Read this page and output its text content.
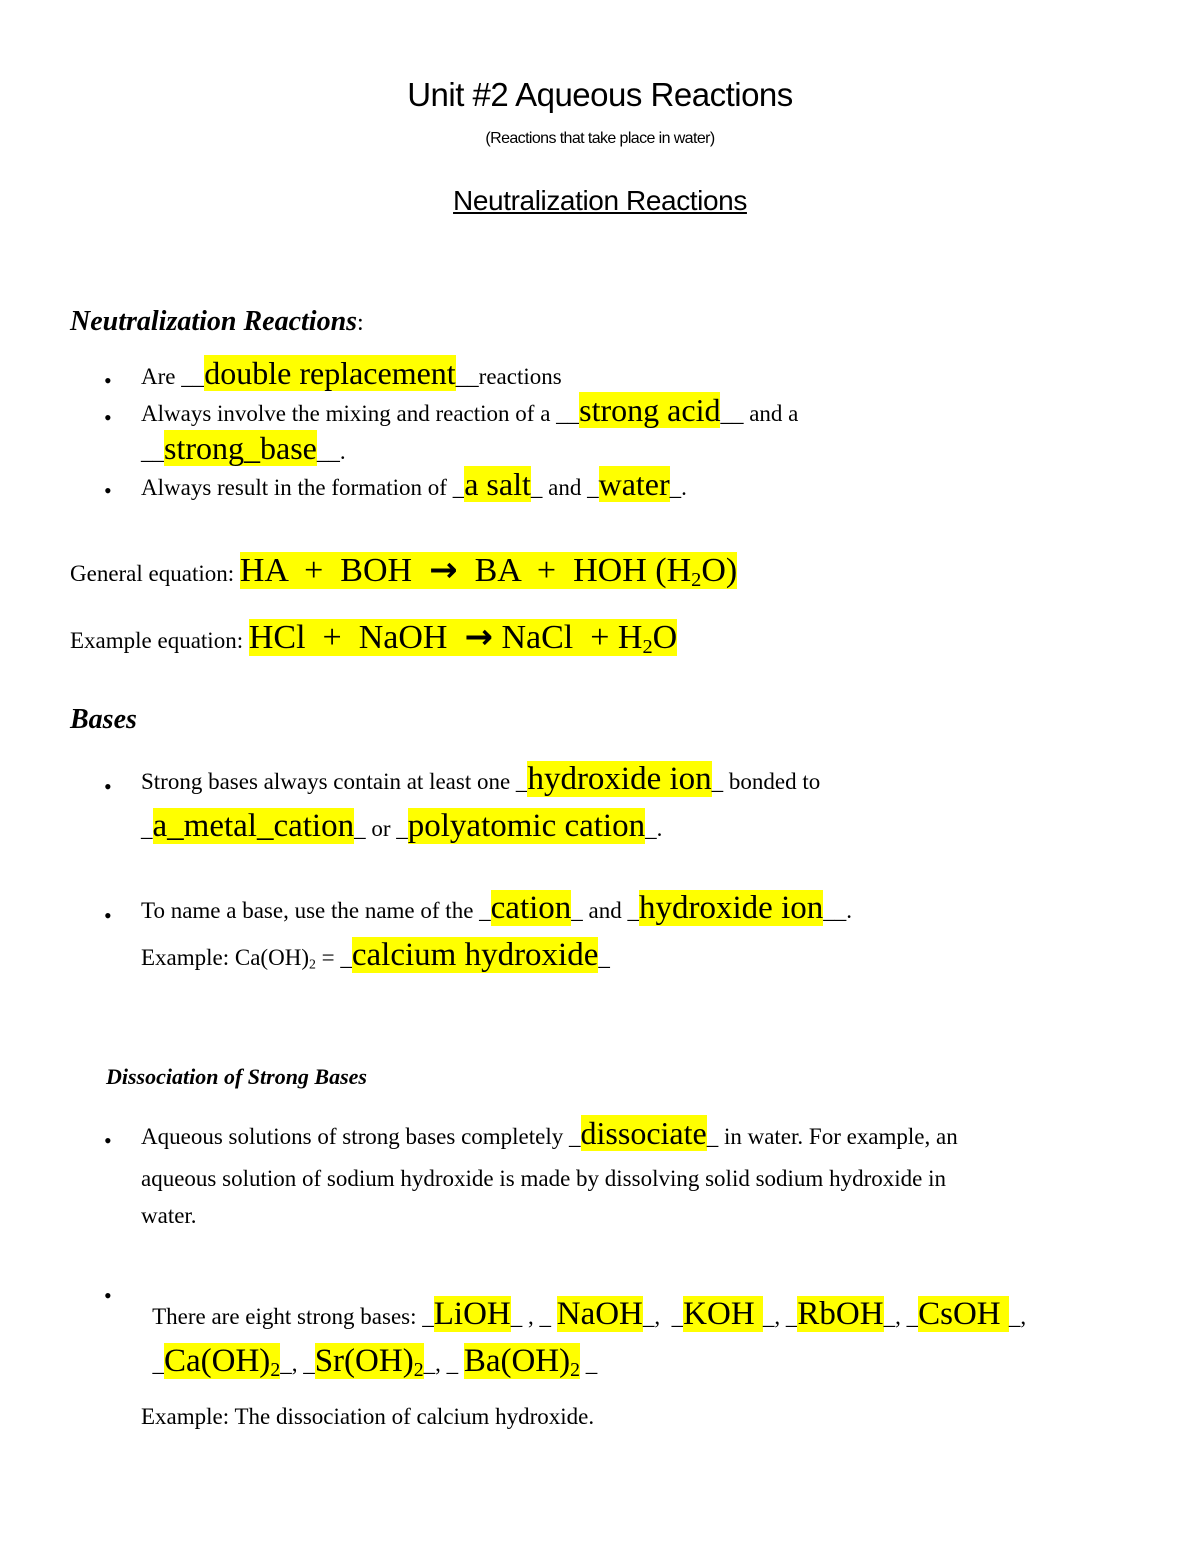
Unit #2 Aqueous Reactions
(Reactions that take place in water)
Neutralization Reactions
Neutralization Reactions:
• Are __double replacement__reactions
• Always involve the mixing and reaction of a __strong acid__ and a
__strong_base__.
• Always result in the formation of _a salt_ and _water_.
General equation: HA  +  BOH  →  BA  +  HOH $(H_2O)$
Example equation: HCl  +  NaOH  → NaCl  + $H_2O$
Bases
• Strong bases always contain at least one _hydroxide ion_ bonded to
_a_metal_cation_ or _polyatomic cation_.
• To name a base, use the name of the _cation_ and _hydroxide ion__.
Example: $Ca(OH)_2$ = _calcium hydroxide_
Dissociation of Strong Bases
• Aqueous solutions of strong bases completely _dissociate_ in water. For example, an
aqueous solution of sodium hydroxide is made by dissolving solid sodium hydroxide in
water.
•

There are eight strong bases: _LiOH_ , _ NaOH_,  _KOH _, _RbOH_, _CsOH _,

$\_Ca(OH)_2\_$, $\_Sr(OH)_2\_$, _ $Ba(OH)_2$ _

Example: The dissociation of calcium hydroxide.
